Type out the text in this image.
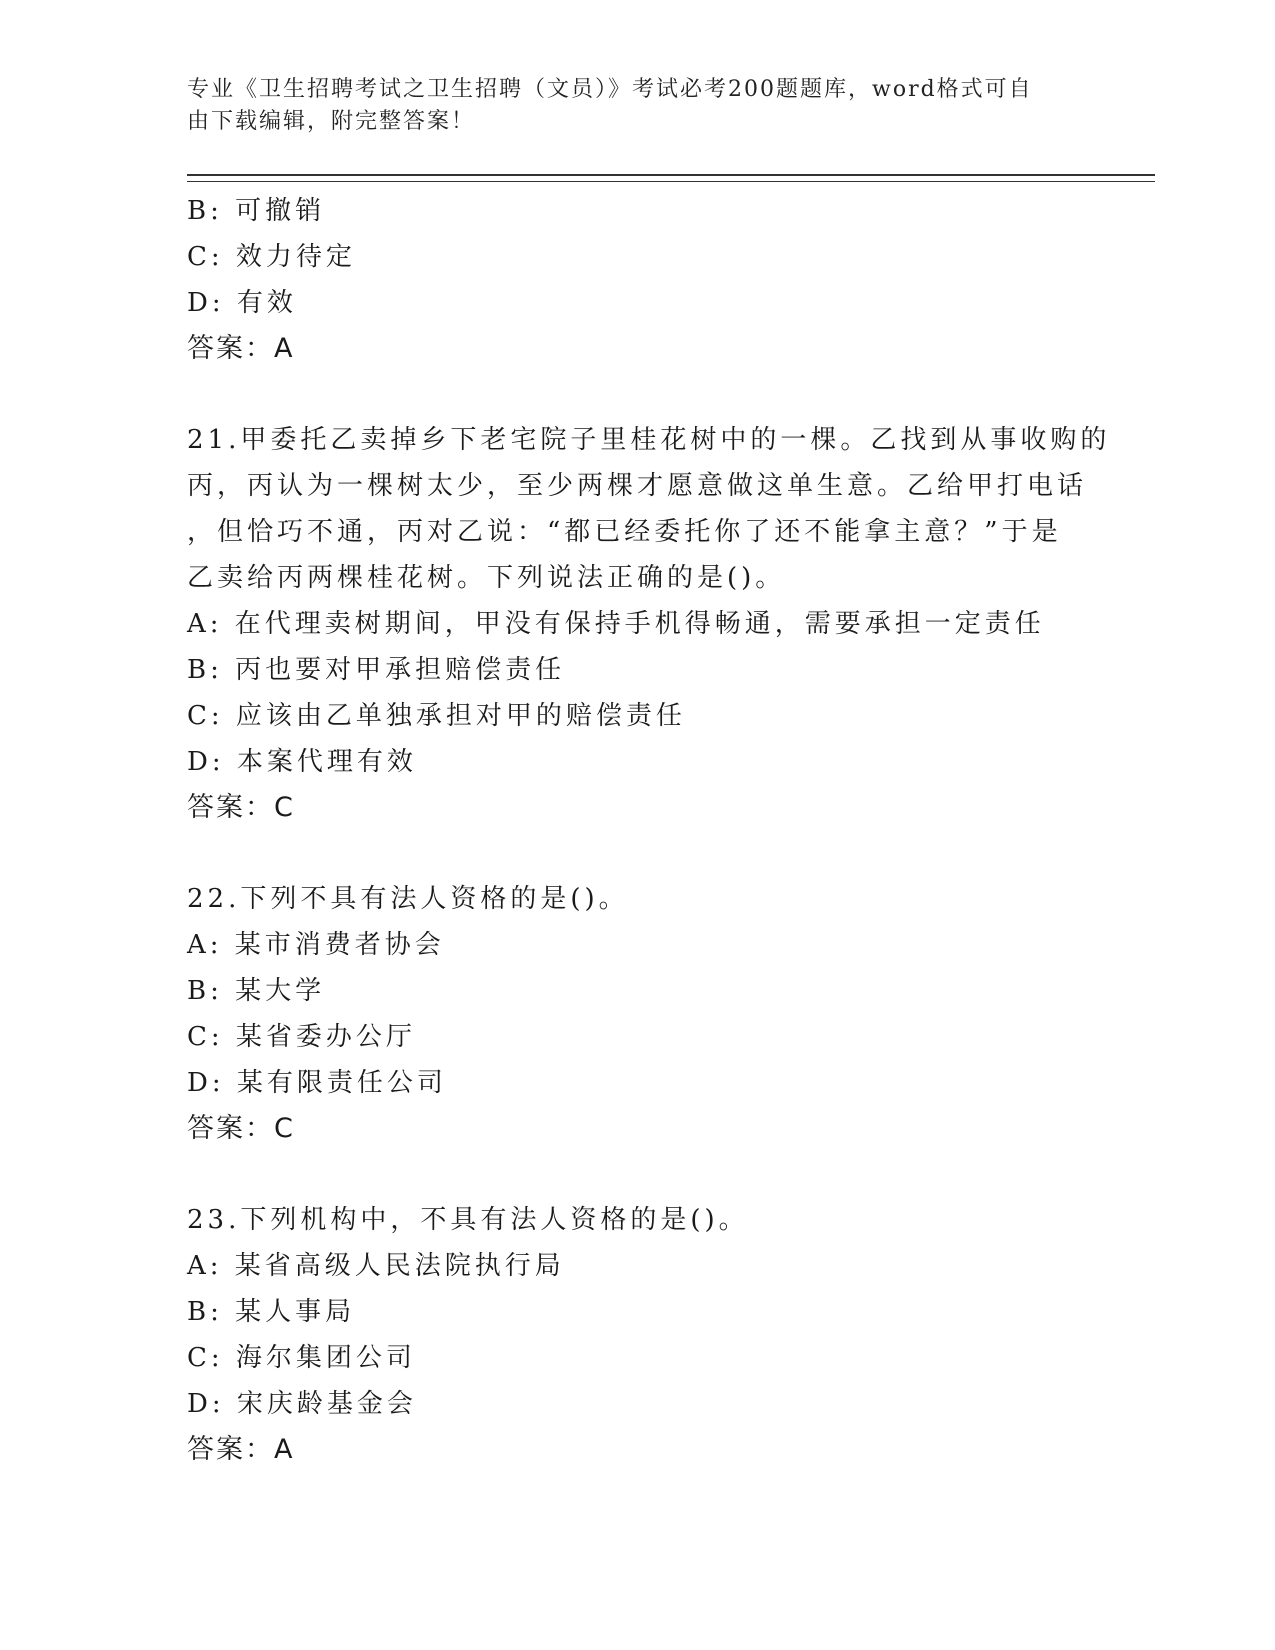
专业《卫生招聘考试之卫生招聘（文员）》考试必考200题题库，word格式可自
由下载编辑，附完整答案！
B: 可撤销
C: 效力待定
D: 有效
答案：A
21.甲委托乙卖掉乡下老宅院子里桂花树中的一棵。乙找到从事收购的
丙，丙认为一棵树太少，至少两棵才愿意做这单生意。乙给甲打电话
，但恰巧不通，丙对乙说：“都已经委托你了还不能拿主意？”于是
乙卖给丙两棵桂花树。下列说法正确的是()。
A: 在代理卖树期间，甲没有保持手机得畅通，需要承担一定责任
B: 丙也要对甲承担赔偿责任
C: 应该由乙单独承担对甲的赔偿责任
D: 本案代理有效
答案：C
22.下列不具有法人资格的是()。
A: 某市消费者协会
B: 某大学
C: 某省委办公厅
D: 某有限责任公司
答案：C
23.下列机构中，不具有法人资格的是()。
A: 某省高级人民法院执行局
B: 某人事局
C: 海尔集团公司
D: 宋庆龄基金会
答案：A
